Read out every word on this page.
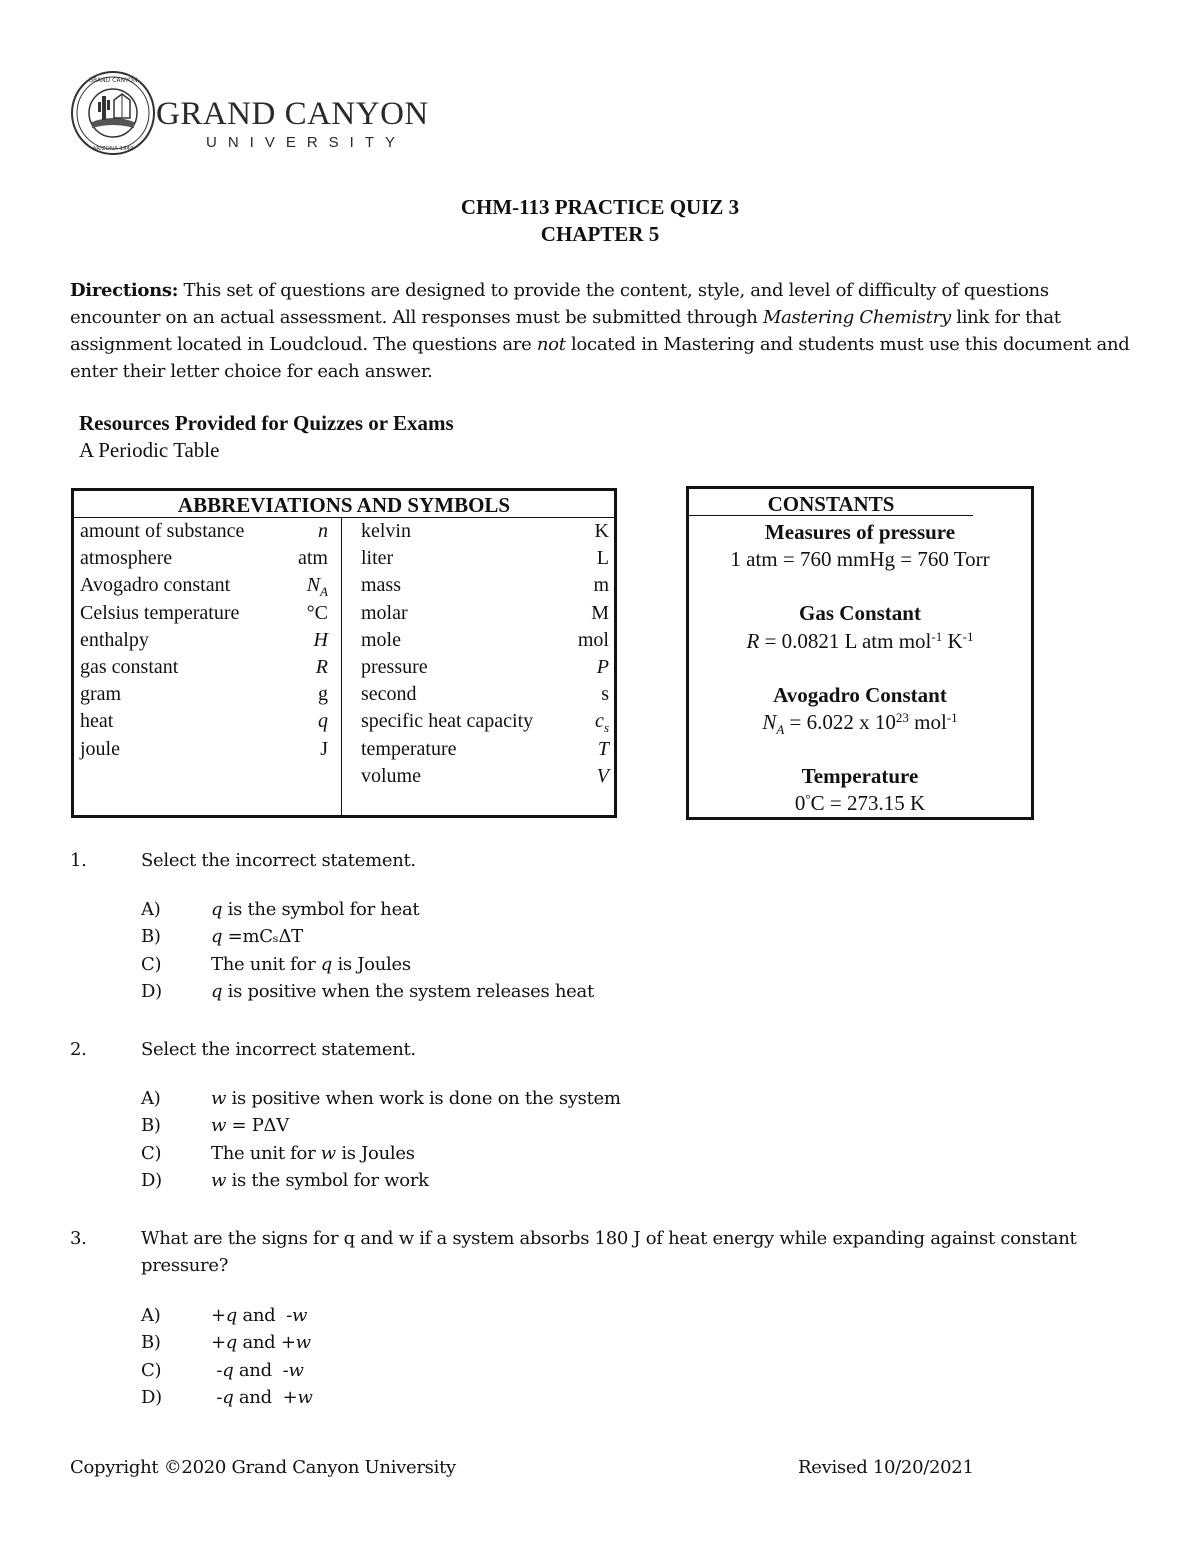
GRAND CANYON
ARIZONA 1949
GRAND CANYON
UNIVERSITY
CHM-113 PRACTICE QUIZ 3
CHAPTER 5
Directions: This set of questions are designed to provide the content, style, and level of difficulty of questions encounter on an actual assessment. All responses must be submitted through Mastering Chemistry link for that assignment located in Loudcloud. The questions are not located in Mastering and students must use this document and enter their letter choice for each answer.
Resources Provided for Quizzes or Exams
A Periodic Table
ABBREVIATIONS AND SYMBOLS
amount of substance	n
atmosphere	atm
Avogadro constant	$N_A$
Celsius temperature	°C
enthalpy	H
gas constant	R
gram	g
heat	q
joule	J
kelvin	K
liter	L
mass	m
molar	M
mole	mol
pressure	P
second	s
specific heat capacity	$c_s$
temperature	T
volume	V
CONSTANTS
Measures of pressure
1 atm = 760 mmHg = 760 Torr
Gas Constant
R = 0.0821 L atm mol$^{-1}$ $K^{-1}$
Avogadro Constant
$N_A = 6.022$ x $10^{23}$ mol$^{-1}$
Temperature
0°C = 273.15 K
1.	Select the incorrect statement.
A)	q is the symbol for heat
B)	q =mCₛΔT
C)	The unit for q is Joules
D)	q is positive when the system releases heat
2.	Select the incorrect statement.
A)	w is positive when work is done on the system
B)	w = PΔV
C)	The unit for w is Joules
D)	w is the symbol for work
3.	What are the signs for q and w if a system absorbs 180 J of heat energy while expanding against constant pressure?
A)	+q and  -w
B)	+q and +w
C)	-q and  -w
D)	-q and  +w
Copyright ©2020 Grand Canyon University	Revised 10/20/2021
